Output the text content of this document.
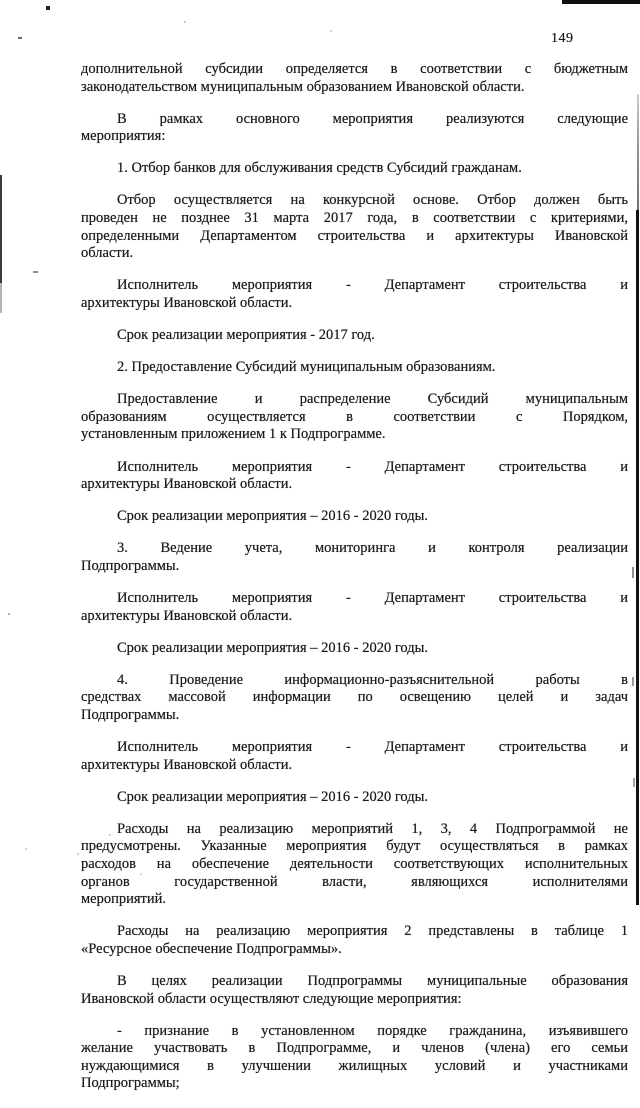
149

дополнительной субсидии определяется в соответствии с бюджетным
законодательством муниципальным образованием Ивановской области.

В рамках основного мероприятия реализуются следующие
мероприятия:

1. Отбор банков для обслуживания средств Субсидий гражданам.

Отбор осуществляется на конкурсной основе. Отбор должен быть
проведен не позднее 31 марта 2017 года, в соответствии с критериями,
определенными Департаментом строительства и архитектуры Ивановской
области.

Исполнитель мероприятия - Департамент строительства и
архитектуры Ивановской области.

Срок реализации мероприятия - 2017 год.

2. Предоставление Субсидий муниципальным образованиям.

Предоставление и распределение Субсидий муниципальным
образованиям осуществляется в соответствии с Порядком,
установленным приложением 1 к Подпрограмме.

Исполнитель мероприятия - Департамент строительства и
архитектуры Ивановской области.

Срок реализации мероприятия – 2016 - 2020 годы.

3. Ведение учета, мониторинга и контроля реализации
Подпрограммы.

Исполнитель мероприятия - Департамент строительства и
архитектуры Ивановской области.

Срок реализации мероприятия – 2016 - 2020 годы.

4. Проведение информационно-разъяснительной работы в
средствах массовой информации по освещению целей и задач
Подпрограммы.

Исполнитель мероприятия - Департамент строительства и
архитектуры Ивановской области.

Срок реализации мероприятия – 2016 - 2020 годы.

Расходы на реализацию мероприятий 1, 3, 4 Подпрограммой не
предусмотрены. Указанные мероприятия будут осуществляться в рамках
расходов на обеспечение деятельности соответствующих исполнительных
органов государственной власти, являющихся исполнителями
мероприятий.

Расходы на реализацию мероприятия 2 представлены в таблице 1
«Ресурсное обеспечение Подпрограммы».

В целях реализации Подпрограммы муниципальные образования
Ивановской области осуществляют следующие мероприятия:

- признание в установленном порядке гражданина, изъявившего
желание участвовать в Подпрограмме, и членов (члена) его семьи
нуждающимися в улучшении жилищных условий и участниками
Подпрограммы;
